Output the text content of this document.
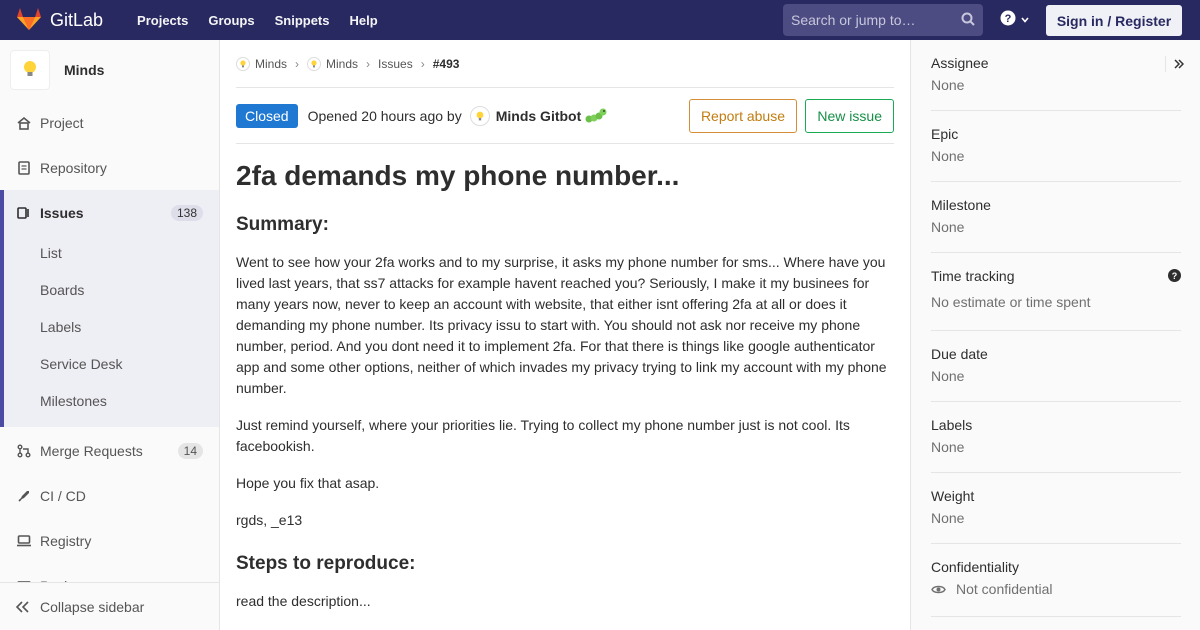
GitLab	Projects	Groups	Snippets	Help	Search or jump to…	?	Sign in / Register
Minds
Project
Repository
Issues	138
List
Boards
Labels
Service Desk
Milestones
Merge Requests	14
CI / CD
Registry
Collapse sidebar
Minds › Minds › Issues › #493
Closed	Opened 20 hours ago by Minds Gitbot	Report abuse	New issue
2fa demands my phone number...
Summary:

Went to see how your 2fa works and to my surprise, it asks my phone number for sms... Where have you lived last years, that ss7 attacks for example havent reached you? Seriously, I make it my businees for many years now, never to keep an account with website, that either isnt offering 2fa at all or does it demanding my phone number. Its privacy issu to start with. You should not ask nor receive my phone number, period. And you dont need it to implement 2fa. For that there is things like google authenticator app and some other options, neither of which invades my privacy trying to link my account with my phone number.

Just remind yourself, where your priorities lie. Trying to collect my phone number just is not cool. Its facebookish.

Hope you fix that asap.

rgds, _e13

Steps to reproduce:

read the description...

Assignee
None
Epic
None
Milestone
None
Time tracking	?
No estimate or time spent
Due date
None
Labels
None
Weight
None
Confidentiality
Not confidential
